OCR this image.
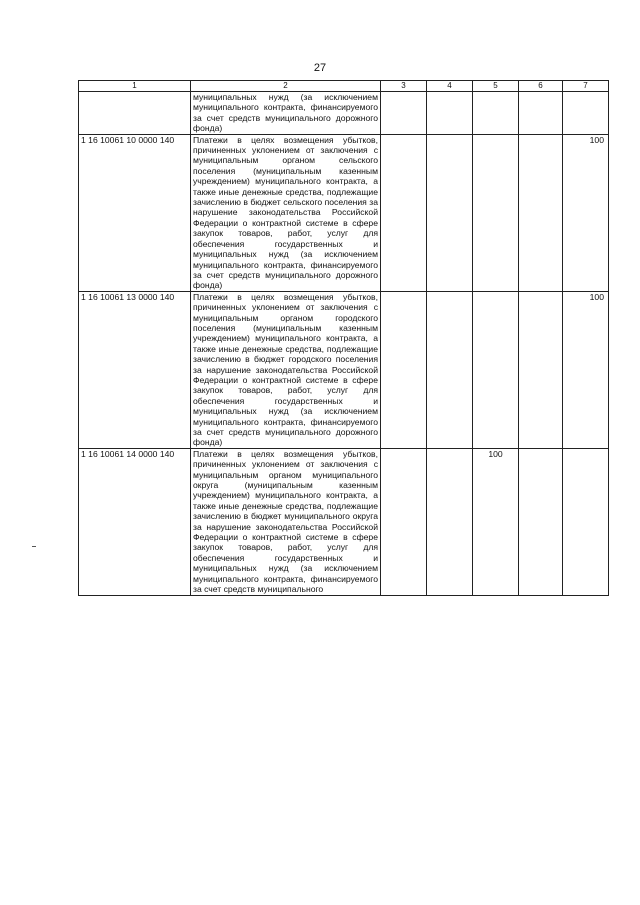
27
1	2	3	4	5	6	7
	муниципальных нужд (за исключением муниципального контракта, финансируемого за счет средств муниципального дорожного фонда)					
1 16 10061 10 0000 140	Платежи в целях возмещения убытков, причиненных уклонением от заключения с муниципальным органом сельского поселения (муниципальным казенным учреждением) муниципального контракта, а также иные денежные средства, подлежащие зачислению в бюджет сельского поселения за нарушение законодательства Российской Федерации о контрактной системе в сфере закупок товаров, работ, услуг для обеспечения государственных и муниципальных нужд (за исключением муниципального контракта, финансируемого за счет средств муниципального дорожного фонда)					100
1 16 10061 13 0000 140	Платежи в целях возмещения убытков, причиненных уклонением от заключения с муниципальным органом городского поселения (муниципальным казенным учреждением) муниципального контракта, а также иные денежные средства, подлежащие зачислению в бюджет городского поселения за нарушение законодательства Российской Федерации о контрактной системе в сфере закупок товаров, работ, услуг для обеспечения государственных и муниципальных нужд (за исключением муниципального контракта, финансируемого за счет средств муниципального дорожного фонда)					100
1 16 10061 14 0000 140	Платежи в целях возмещения убытков, причиненных уклонением от заключения с муниципальным органом муниципального округа (муниципальным казенным учреждением) муниципального контракта, а также иные денежные средства, подлежащие зачислению в бюджет муниципального округа за нарушение законодательства Российской Федерации о контрактной системе в сфере закупок товаров, работ, услуг для обеспечения государственных и муниципальных нужд (за исключением муниципального контракта, финансируемого за счет средств муниципального			100		
